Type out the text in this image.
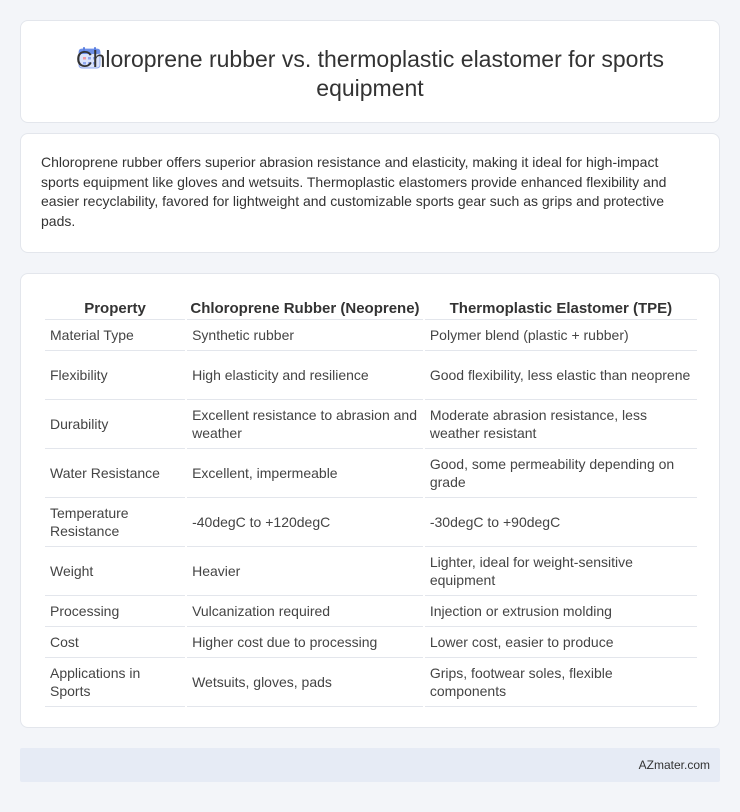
Chloroprene rubber vs. thermoplastic elastomer for sports equipment

Chloroprene rubber offers superior abrasion resistance and elasticity, making it ideal for high-impact sports equipment like gloves and wetsuits. Thermoplastic elastomers provide enhanced flexibility and easier recyclability, favored for lightweight and customizable sports gear such as grips and protective pads.

Property	Chloroprene Rubber (Neoprene)	Thermoplastic Elastomer (TPE)
Material Type	Synthetic rubber	Polymer blend (plastic + rubber)
Flexibility	High elasticity and resilience	Good flexibility, less elastic than neoprene
Durability	Excellent resistance to abrasion and weather	Moderate abrasion resistance, less weather resistant
Water Resistance	Excellent, impermeable	Good, some permeability depending on grade
Temperature Resistance	-40degC to +120degC	-30degC to +90degC
Weight	Heavier	Lighter, ideal for weight-sensitive equipment
Processing	Vulcanization required	Injection or extrusion molding
Cost	Higher cost due to processing	Lower cost, easier to produce
Applications in Sports	Wetsuits, gloves, pads	Grips, footwear soles, flexible components
AZmater.com
